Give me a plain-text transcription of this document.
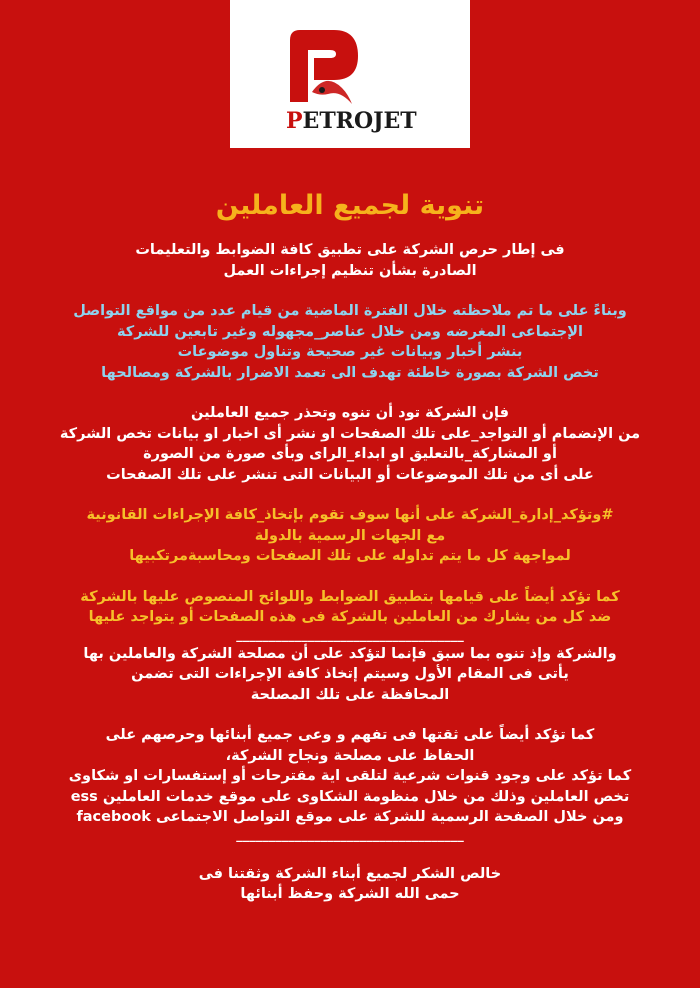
PETROJET
تنوية لجميع العاملين
فى إطار حرص الشركة على تطبيق كافة الضوابط والتعليمات
الصادرة بشأن تنظيم إجراءات العمل
وبناءً على ما تم ملاحظته خلال الفترة الماضية من قيام عدد من مواقع التواصل
الإجتماعى المغرضه ومن خلال عناصر_مجهوله وغير تابعين للشركة
بنشر أخبار وبيانات غير صحيحة وتناول موضوعات
تخص الشركة بصورة خاطئة تهدف الى تعمد الاضرار بالشركة ومصالحها
فإن الشركة تود أن تنوه وتحذر جميع العاملين
من الإنضمام أو التواجد_على تلك الصفحات او نشر أى اخبار او بيانات تخص الشركة
أو المشاركة_بالتعليق او ابداء_الراى وبأى صورة من الصورة
على أى من تلك الموضوعات أو البيانات التى تنشر على تلك الصفحات
#وتؤكد_إدارة_الشركة على أنها سوف تقوم بإتخاذ_كافة الإجراءات القانونية
مع الجهات الرسمية بالدولة
لمواجهة كل ما يتم تداوله على تلك الصفحات ومحاسبةمرتكبيها
كما تؤكد أيضاً على قيامها بتطبيق الضوابط واللوائح المنصوص عليها بالشركة
ضد كل من يشارك من العاملين بالشركة فى هذه الصفحات أو يتواجد عليها
___________________________________
والشركة وإذ تنوه بما سبق فإنما لتؤكد على أن مصلحة الشركة والعاملين بها
يأتى فى المقام الأول وسيتم إتخاذ كافة الإجراءات التى تضمن
المحافظة على تلك المصلحة
كما تؤكد أيضاً على ثقتها فى تفهم و وعى جميع أبنائها وحرصهم على
الحفاظ على مصلحة ونجاح الشركة،
كما تؤكد على وجود قنوات شرعية لتلقى اية مقترحات أو إستفسارات او شكاوى
تخص العاملين وذلك من خلال منظومة الشكاوى على موقع خدمات العاملين ess
ومن خلال الصفحة الرسمية للشركة على موقع التواصل الاجتماعى facebook
___________________________________
خالص الشكر لجميع أبناء الشركة وثقتنا فى
حمى الله الشركة وحفظ أبنائها
